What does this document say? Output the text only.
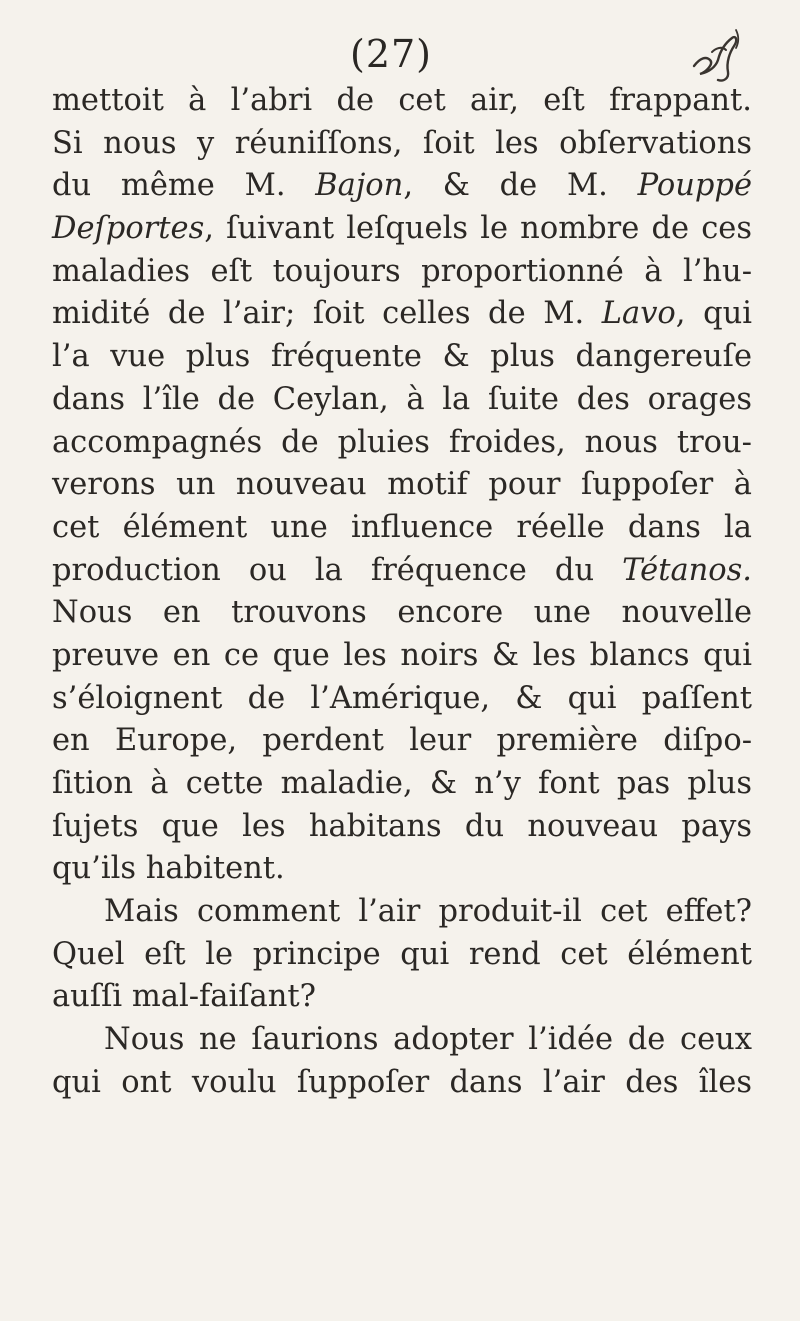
(27)
mettoit à l’abri de cet air, eſt frappant.
Si nous y réuniſſons, ſoit les obſervations
du même M. Bajon, & de M. Pouppé
Deſportes, ſuivant leſquels le nombre de ces
maladies eſt toujours proportionné à l’hu-
midité de l’air; ſoit celles de M. Lavo, qui
l’a vue plus fréquente & plus dangereuſe
dans l’île de Ceylan, à la ſuite des orages
accompagnés de pluies froides, nous trou-
verons un nouveau motif pour ſuppoſer à
cet élément une influence réelle dans la
production ou la fréquence du Tétanos.
Nous en trouvons encore une nouvelle
preuve en ce que les noirs & les blancs qui
s’éloignent de l’Amérique, & qui paſſent
en Europe, perdent leur première diſpo-
ſition à cette maladie, & n’y font pas plus
ſujets que les habitans du nouveau pays
qu’ils habitent.
Mais comment l’air produit-il cet effet?
Quel eſt le principe qui rend cet élément
auſſi mal-faiſant?
Nous ne ſaurions adopter l’idée de ceux
qui ont voulu ſuppoſer dans l’air des îles
